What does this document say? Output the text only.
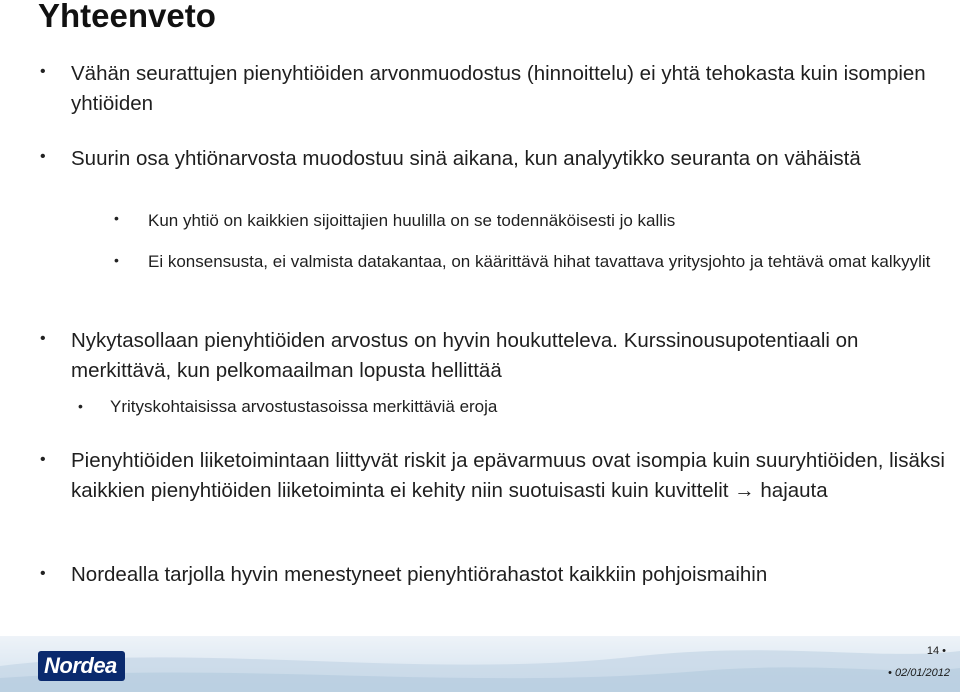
Yhteenveto
• Vähän seurattujen pienyhtiöiden arvonmuodostus (hinnoittelu) ei yhtä tehokasta kuin isompien yhtiöiden
• Suurin osa yhtiönarvosta muodostuu sinä aikana, kun analyytikko seuranta on vähäistä
• Kun yhtiö on kaikkien sijoittajien huulilla on se todennäköisesti jo kallis
• Ei konsensusta, ei valmista datakantaa, on käärittävä hihat tavattava yritysjohto ja tehtävä omat kalkyylit
• Nykytasollaan pienyhtiöiden arvostus on hyvin houkutteleva. Kurssinousupotentiaali on merkittävä, kun pelkomaailman lopusta hellittää
• Yrityskohtaisissa arvostustasoissa merkittäviä eroja
• Pienyhtiöiden liiketoimintaan liittyvät riskit ja epävarmuus ovat isompia kuin suuryhtiöiden, lisäksi kaikkien pienyhtiöiden liiketoiminta ei kehity niin suotuisasti kuin kuvittelit → hajauta
• Nordealla tarjolla hyvin menestyneet pienyhtiörahastot kaikkiin pohjoismaihin
Nordea
14 •
• 02/01/2012
